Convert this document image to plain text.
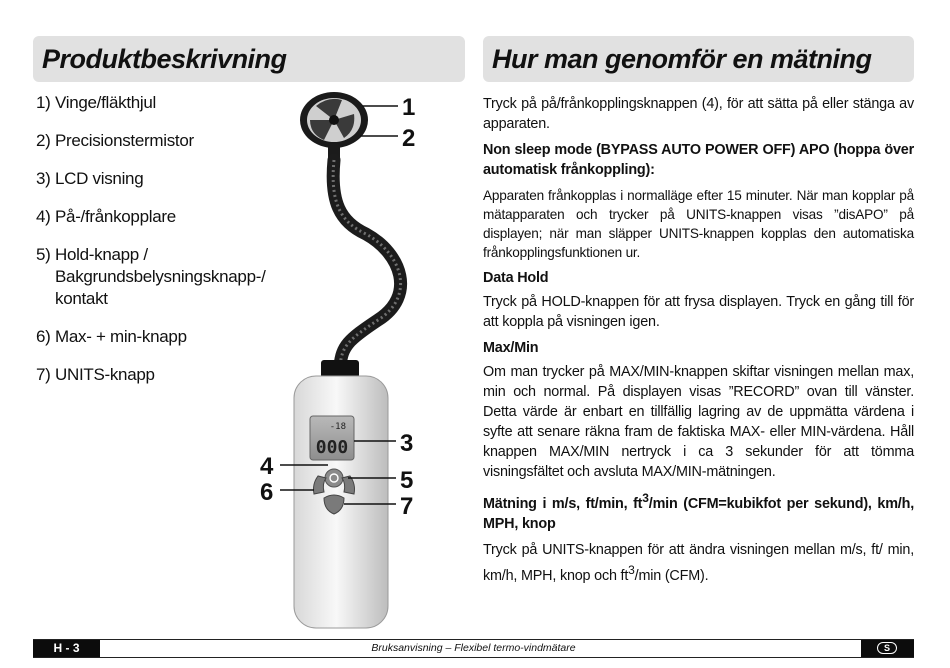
Produktbeskrivning
1) Vinge/fläkthjul
2) Precisionstermistor
3) LCD visning
4) På-/frånkopplare
5) Hold-knapp / Bakgrundsbelysningsknapp-/ kontakt
6) Max- + min-knapp
7) UNITS-knapp
-18
000
1
2
3
4
5
6
7
Hur man genomför en mätning

Tryck på på/frånkopplingsknappen (4), för att sätta på eller stänga av apparaten.

Non sleep mode (BYPASS AUTO POWER OFF) APO (hoppa över automatisk frånkoppling):

Apparaten frånkopplas i normalläge efter 15 minuter. När man kopplar på mätapparaten och trycker på UNITS-knappen visas ”disAPO” på displayen; när man släpper UNITS-knappen kopplas den automatiska frånkopplingsfunktionen ur.

Data Hold

Tryck på HOLD-knappen för att frysa displayen. Tryck en gång till för att koppla på visningen igen.

Max/Min

Om man trycker på MAX/MIN-knappen skiftar visningen mellan max, min och normal. På displayen visas ”RECORD” ovan till vänster. Detta värde är enbart en tillfällig lagring av de uppmätta värdena i syfte att senare räkna fram de faktiska MAX- eller MIN-värdena. Håll knappen MAX/MIN nertryck i ca 3 sekunder för att tömma visningsfältet och avsluta MAX/MIN-mätningen.

Mätning i m/s, ft/min, $ft^3/\min$ (CFM=kubikfot per sekund), km/h, MPH, knop

Tryck på UNITS-knappen för att ändra visningen mellan m/s, ft/ min, km/h, MPH, knop och $ft^3/\min$ (CFM).

Bruksanvisning – Flexibel termo-vindmätare
H - 3	S
